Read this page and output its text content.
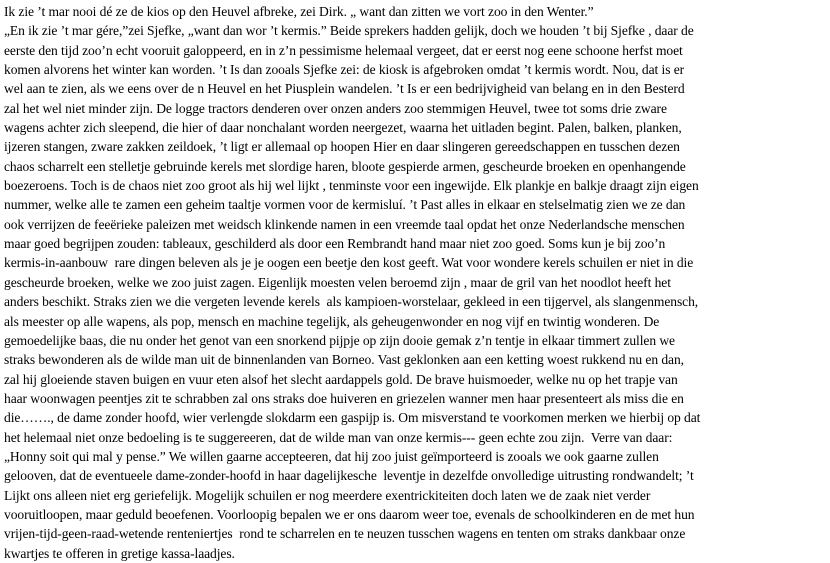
Ik zie ’t mar nooi dé ze de kios op den Heuvel afbreke, zei Dirk. „ want dan zitten we vort zoo in den Wenter.”
„En ik zie ’t mar gére,”zei Sjefke, „want dan wor ’t kermis.” Beide sprekers hadden gelijk, doch we houden ’t bij Sjefke , daar de
eerste den tijd zoo’n echt vooruit galoppeerd, en in z’n pessimisme helemaal vergeet, dat er eerst nog eene schoone herfst moet
komen alvorens het winter kan worden. ’t Is dan zooals Sjefke zei: de kiosk is afgebroken omdat ’t kermis wordt. Nou, dat is er
wel aan te zien, als we eens over de n Heuvel en het Piusplein wandelen. ’t Is er een bedrijvigheid van belang en in den Besterd
zal het wel niet minder zijn. De logge tractors denderen over onzen anders zoo stemmigen Heuvel, twee tot soms drie zware
wagens achter zich sleepend, die hier of daar nonchalant worden neergezet, waarna het uitladen begint. Palen, balken, planken,
ijzeren stangen, zware zakken zeildoek, ’t ligt er allemaal op hoopen Hier en daar slingeren gereedschappen en tusschen dezen
chaos scharrelt een stelletje gebruinde kerels met slordige haren, bloote gespierde armen, gescheurde broeken en openhangende
boezeroens. Toch is de chaos niet zoo groot als hij wel lijkt , tenminste voor een ingewijde. Elk plankje en balkje draagt zijn eigen
nummer, welke alle te zamen een geheim taaltje vormen voor de kermisluí. ’t Past alles in elkaar en stelselmatig zien we ze dan
ook verrijzen de feeërieke paleizen met weidsch klinkende namen in een vreemde taal opdat het onze Nederlandsche menschen
maar goed begrijpen zouden: tableaux, geschilderd als door een Rembrandt hand maar niet zoo goed. Soms kun je bij zoo’n
kermis-in-aanbouw  rare dingen beleven als je je oogen een beetje den kost geeft. Wat voor wondere kerels schuilen er niet in die
gescheurde broeken, welke we zoo juist zagen. Eigenlijk moesten velen beroemd zijn , maar de gril van het noodlot heeft het
anders beschikt. Straks zien we die vergeten levende kerels  als kampioen-worstelaar, gekleed in een tijgervel, als slangenmensch,
als meester op alle wapens, als pop, mensch en machine tegelijk, als geheugenwonder en nog vijf en twintig wonderen. De
gemoedelijke baas, die nu onder het genot van een snorkend pijpje op zijn dooie gemak z’n tentje in elkaar timmert zullen we
straks bewonderen als de wilde man uit de binnenlanden van Borneo. Vast geklonken aan een ketting woest rukkend nu en dan,
zal hij gloeiende staven buigen en vuur eten alsof het slecht aardappels gold. De brave huismoeder, welke nu op het trapje van
haar woonwagen peentjes zit te schrabben zal ons straks doe huiveren en griezelen wanner men haar presenteert als miss die en
die……., de dame zonder hoofd, wier verlengde slokdarm een gaspijp is. Om misverstand te voorkomen merken we hierbij op dat
het helemaal niet onze bedoeling is te suggereeren, dat de wilde man van onze kermis--- geen echte zou zijn.  Verre van daar:
„Honny soit qui mal y pense.” We willen gaarne accepteeren, dat hij zoo juist geïmporteerd is zooals we ook gaarne zullen
gelooven, dat de eventueele dame-zonder-hoofd in haar dagelijkesche  leventje in dezelfde onvolledige uitrusting rondwandelt; ’t
Lijkt ons alleen niet erg geriefelijk. Mogelijk schuilen er nog meerdere exentrickiteiten doch laten we de zaak niet verder
vooruitloopen, maar geduld beoefenen. Voorloopig bepalen we er ons daarom weer toe, evenals de schoolkinderen en de met hun
vrijen-tijd-geen-raad-wetende renteniertjes  rond te scharrelen en te neuzen tusschen wagens en tenten om straks dankbaar onze
kwartjes te offeren in gretige kassa-laadjes.
